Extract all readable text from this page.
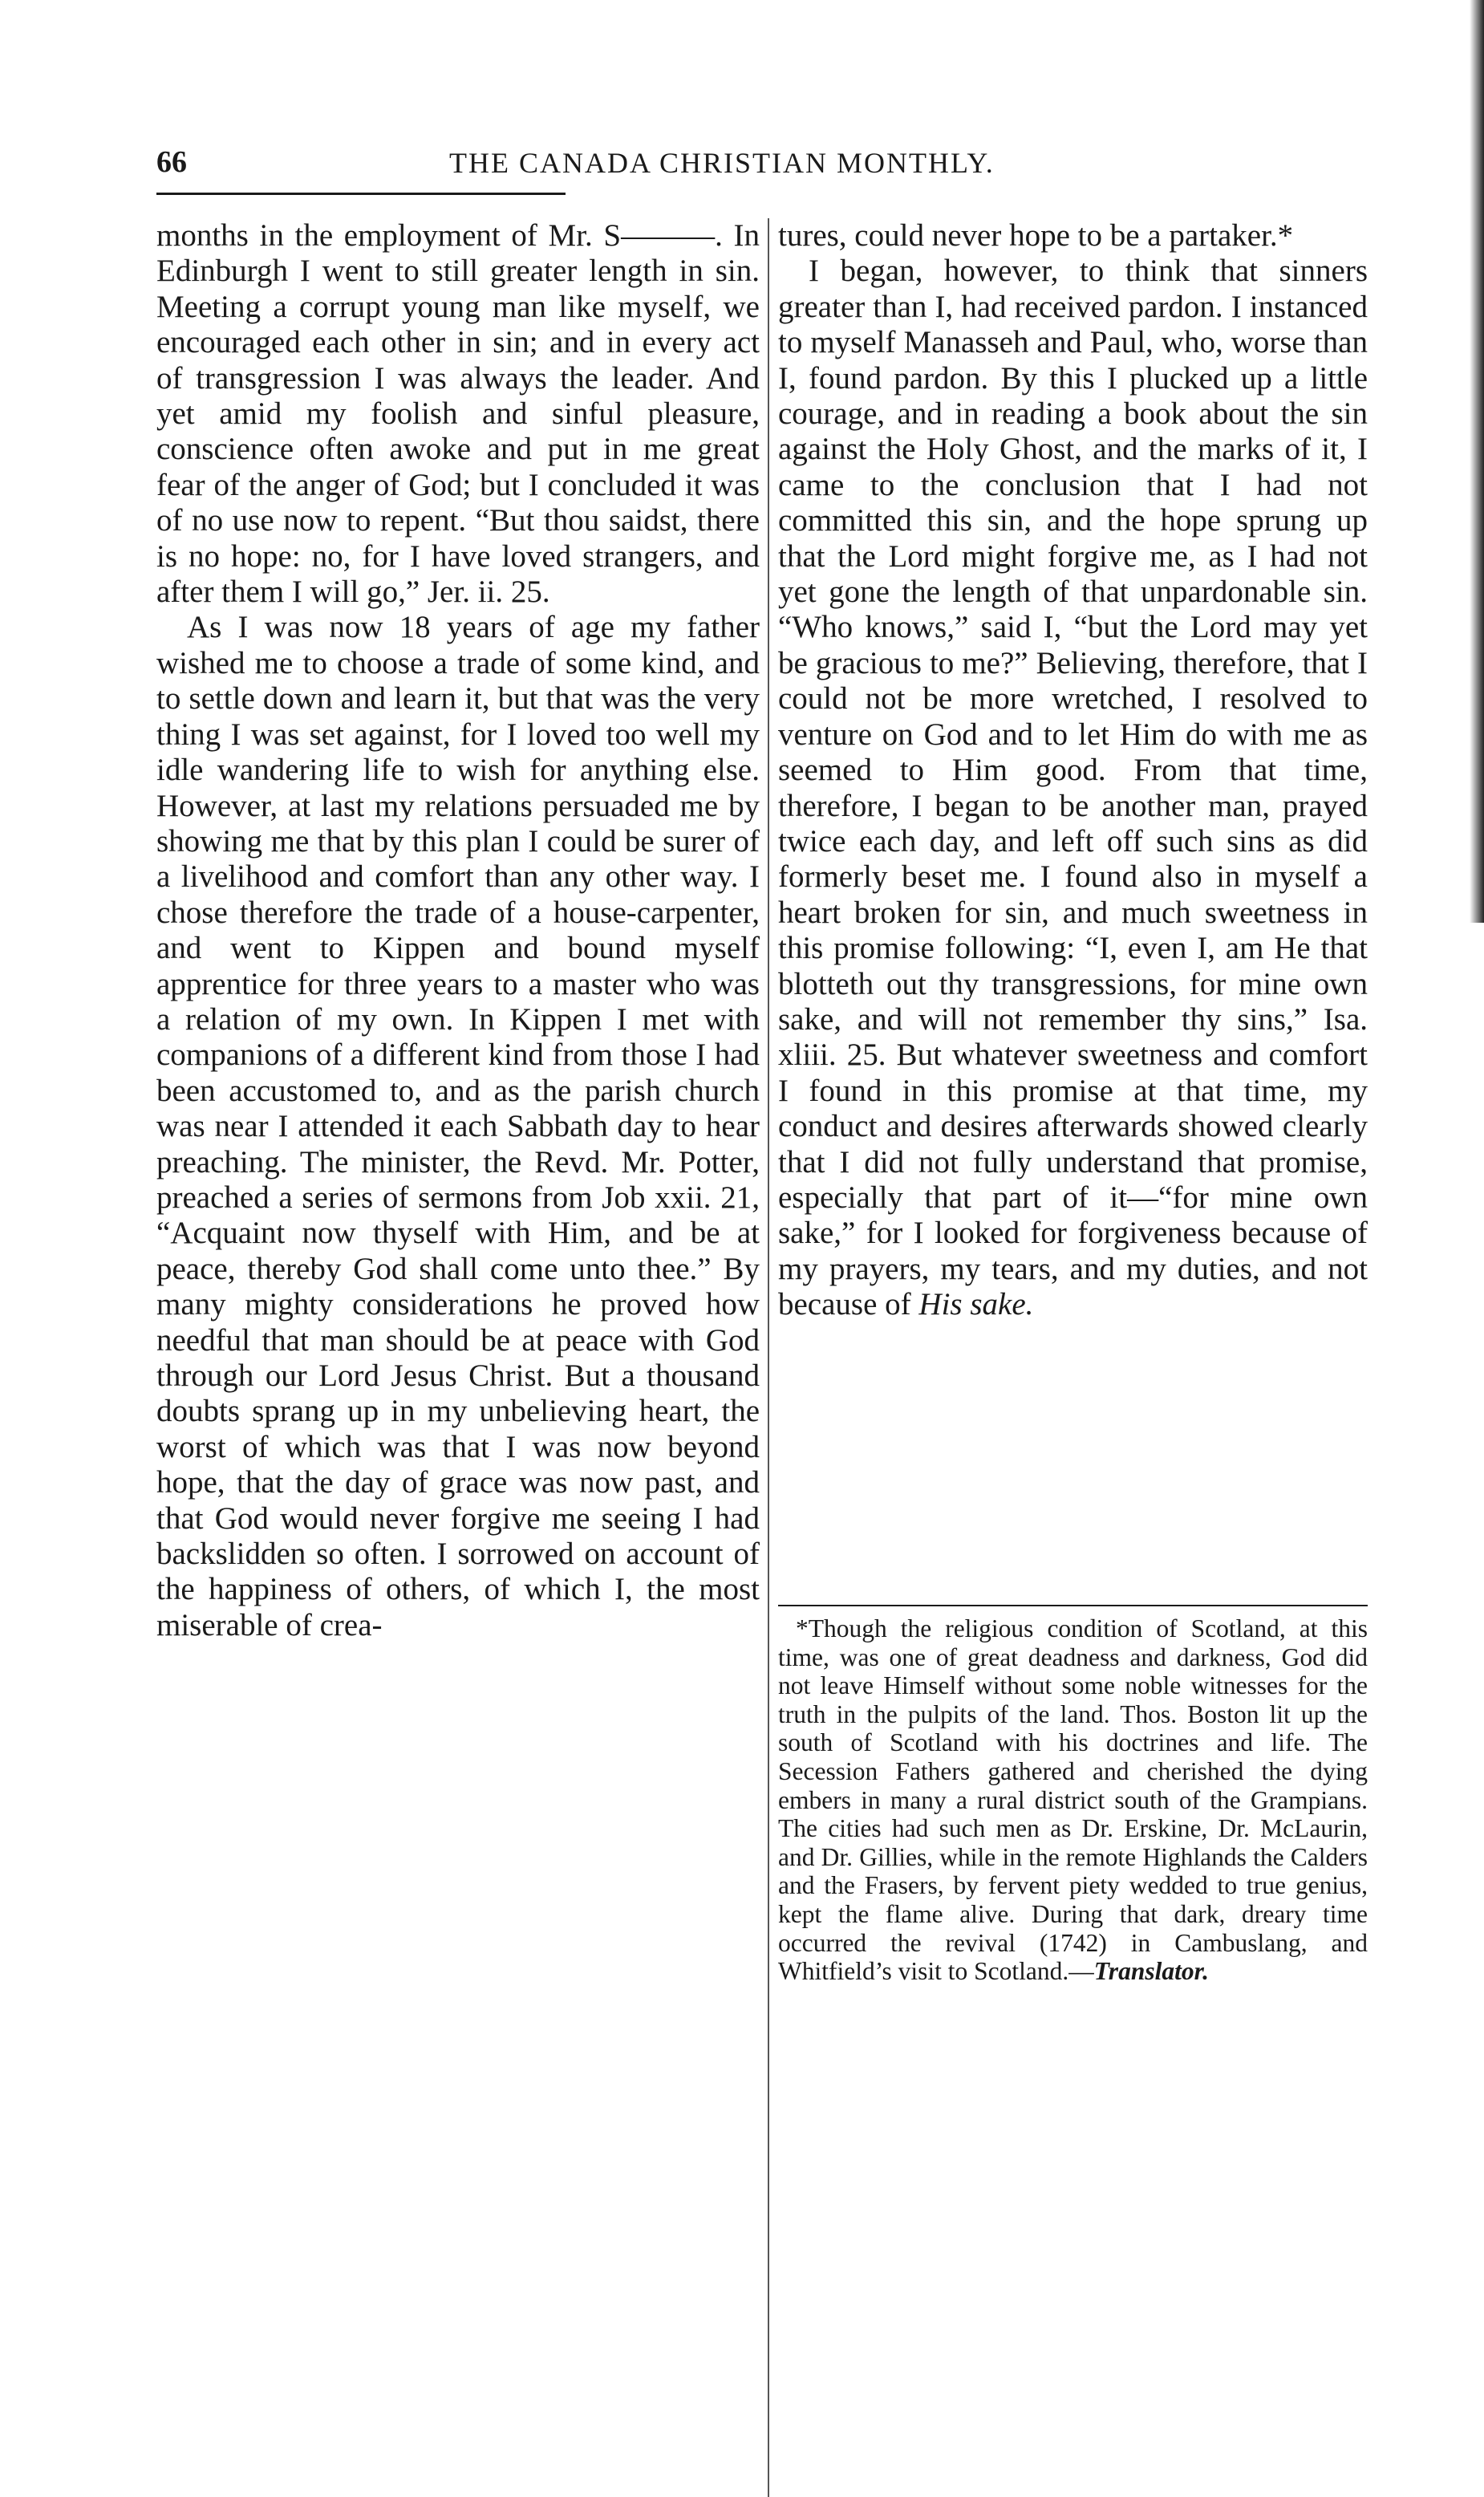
66	THE CANADA CHRISTIAN MONTHLY.

months in the employment of Mr. S———. In Edinburgh I went to still greater length in sin. Meeting a corrupt young man like myself, we encouraged each other in sin; and in every act of transgression I was always the leader. And yet amid my foolish and sinful pleasure, conscience often awoke and put in me great fear of the anger of God; but I concluded it was of no use now to repent. “But thou saidst, there is no hope: no, for I have loved strangers, and after them I will go,” Jer. ii. 25.

As I was now 18 years of age my father wished me to choose a trade of some kind, and to settle down and learn it, but that was the very thing I was set against, for I loved too well my idle wandering life to wish for anything else. However, at last my relations persuaded me by showing me that by this plan I could be surer of a livelihood and comfort than any other way. I chose therefore the trade of a house-carpenter, and went to Kippen and bound myself apprentice for three years to a master who was a relation of my own. In Kippen I met with companions of a different kind from those I had been accustomed to, and as the parish church was near I attended it each Sabbath day to hear preaching. The minister, the Revd. Mr. Potter, preached a series of sermons from Job xxii. 21, “Acquaint now thyself with Him, and be at peace, thereby God shall come unto thee.” By many mighty considerations he proved how needful that man should be at peace with God through our Lord Jesus Christ. But a thousand doubts sprang up in my unbelieving heart, the worst of which was that I was now beyond hope, that the day of grace was now past, and that God would never forgive me seeing I had backslidden so often. I sorrowed on account of the happiness of others, of which I, the most miserable of crea-

tures, could never hope to be a partaker.*

I began, however, to think that sinners greater than I, had received pardon. I instanced to myself Manasseh and Paul, who, worse than I, found pardon. By this I plucked up a little courage, and in reading a book about the sin against the Holy Ghost, and the marks of it, I came to the conclusion that I had not committed this sin, and the hope sprung up that the Lord might forgive me, as I had not yet gone the length of that unpardonable sin. “Who knows,” said I, “but the Lord may yet be gracious to me?” Believing, therefore, that I could not be more wretched, I resolved to venture on God and to let Him do with me as seemed to Him good. From that time, therefore, I began to be another man, prayed twice each day, and left off such sins as did formerly beset me. I found also in myself a heart broken for sin, and much sweetness in this promise following: “I, even I, am He that blotteth out thy transgressions, for mine own sake, and will not remember thy sins,” Isa. xliii. 25. But whatever sweetness and comfort I found in this promise at that time, my conduct and desires afterwards showed clearly that I did not fully understand that promise, especially that part of it—“for mine own sake,” for I looked for forgiveness because of my prayers, my tears, and my duties, and not because of His sake.

*Though the religious condition of Scotland, at this time, was one of great deadness and darkness, God did not leave Himself without some noble witnesses for the truth in the pulpits of the land. Thos. Boston lit up the south of Scotland with his doctrines and life. The Secession Fathers gathered and cherished the dying embers in many a rural district south of the Grampians. The cities had such men as Dr. Erskine, Dr. McLaurin, and Dr. Gillies, while in the remote Highlands the Calders and the Frasers, by fervent piety wedded to true genius, kept the flame alive. During that dark, dreary time occurred the revival (1742) in Cambuslang, and Whitfield’s visit to Scotland.—Translator.
